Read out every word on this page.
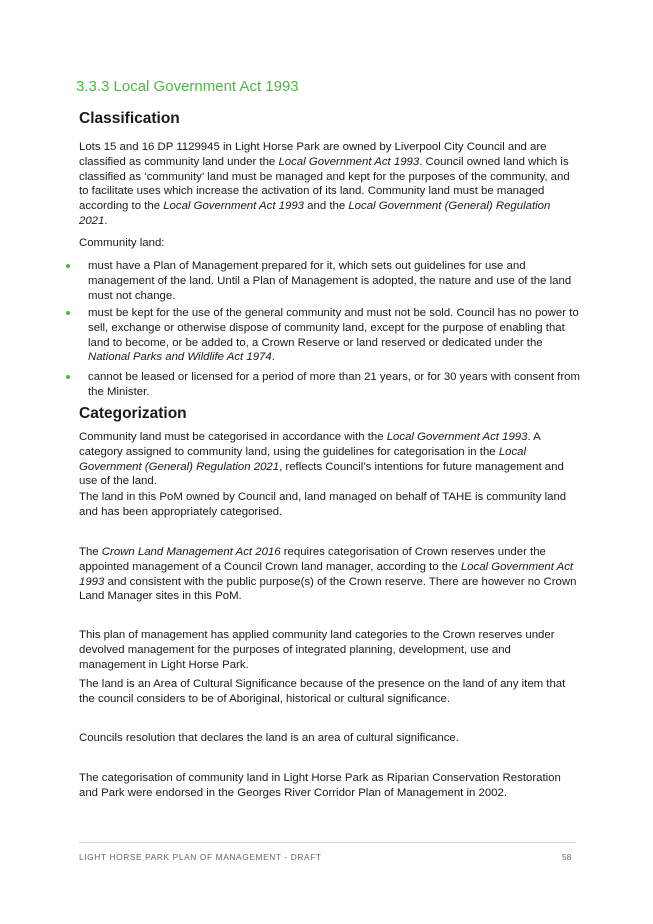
3.3.3 Local Government Act 1993
Classification

Lots 15 and 16 DP 1129945 in Light Horse Park are owned by Liverpool City Council and are classified as community land under the Local Government Act 1993. Council owned land which is classified as ‘community’ land must be managed and kept for the purposes of the community, and to facilitate uses which increase the activation of its land. Community land must be managed according to the Local Government Act 1993 and the Local Government (General) Regulation 2021.

Community land:

must have a Plan of Management prepared for it, which sets out guidelines for use and management of the land. Until a Plan of Management is adopted, the nature and use of the land must not change.
must be kept for the use of the general community and must not be sold. Council has no power to sell, exchange or otherwise dispose of community land, except for the purpose of enabling that land to become, or be added to, a Crown Reserve or land reserved or dedicated under the National Parks and Wildlife Act 1974.
cannot be leased or licensed for a period of more than 21 years, or for 30 years with consent from the Minister.
Categorization

Community land must be categorised in accordance with the Local Government Act 1993. A category assigned to community land, using the guidelines for categorisation in the Local Government (General) Regulation 2021, reflects Council’s intentions for future management and use of the land.

The land in this PoM owned by Council and, land managed on behalf of TAHE is community land and has been appropriately categorised.

The Crown Land Management Act 2016 requires categorisation of Crown reserves under the appointed management of a Council Crown land manager, according to the Local Government Act 1993 and consistent with the public purpose(s) of the Crown reserve. There are however no Crown Land Manager sites in this PoM.

This plan of management has applied community land categories to the Crown reserves under devolved management for the purposes of integrated planning, development, use and management in Light Horse Park.

The land is an Area of Cultural Significance because of the presence on the land of any item that the council considers to be of Aboriginal, historical or cultural significance.

Councils resolution that declares the land is an area of cultural significance.

The categorisation of community land in Light Horse Park as Riparian Conservation Restoration and Park were endorsed in the Georges River Corridor Plan of Management in 2002.

LIGHT HORSE PARK PLAN OF MANAGEMENT - DRAFT	58
